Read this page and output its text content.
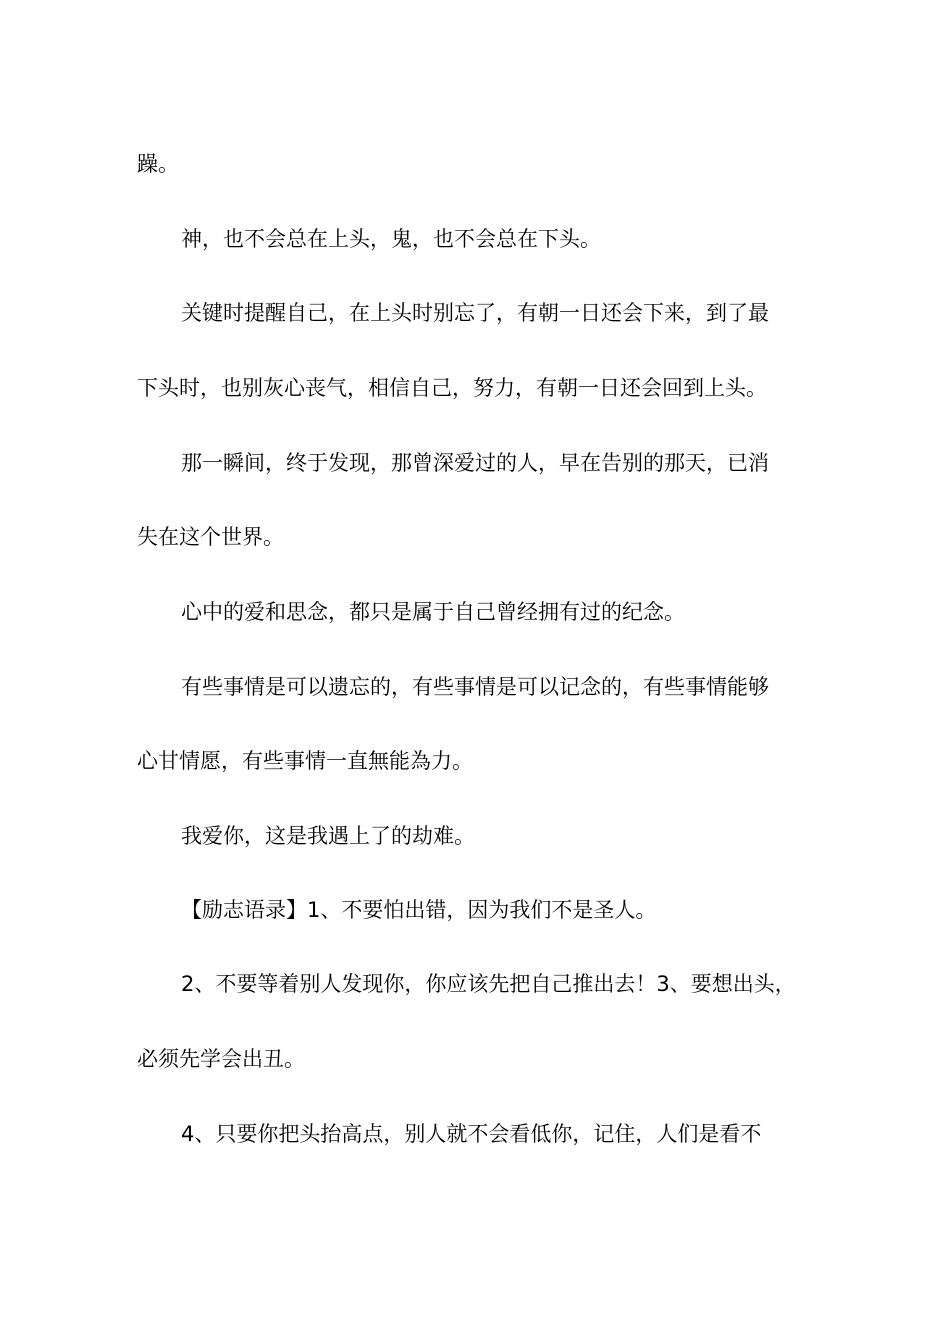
躁。

神，也不会总在上头，鬼，也不会总在下头。

关键时提醒自己，在上头时别忘了，有朝一日还会下来，到了最

下头时，也别灰心丧气，相信自己，努力，有朝一日还会回到上头。

那一瞬间，终于发现，那曾深爱过的人，早在告别的那天，已消

失在这个世界。

心中的爱和思念，都只是属于自己曾经拥有过的纪念。

有些事情是可以遗忘的，有些事情是可以记念的，有些事情能够

心甘情愿，有些事情一直無能為力。

我爱你，这是我遇上了的劫难。

【励志语录】1、不要怕出错，因为我们不是圣人。

2、不要等着别人发现你，你应该先把自己推出去！3、要想出头，

必须先学会出丑。

4、只要你把头抬高点，别人就不会看低你，记住，人们是看不
